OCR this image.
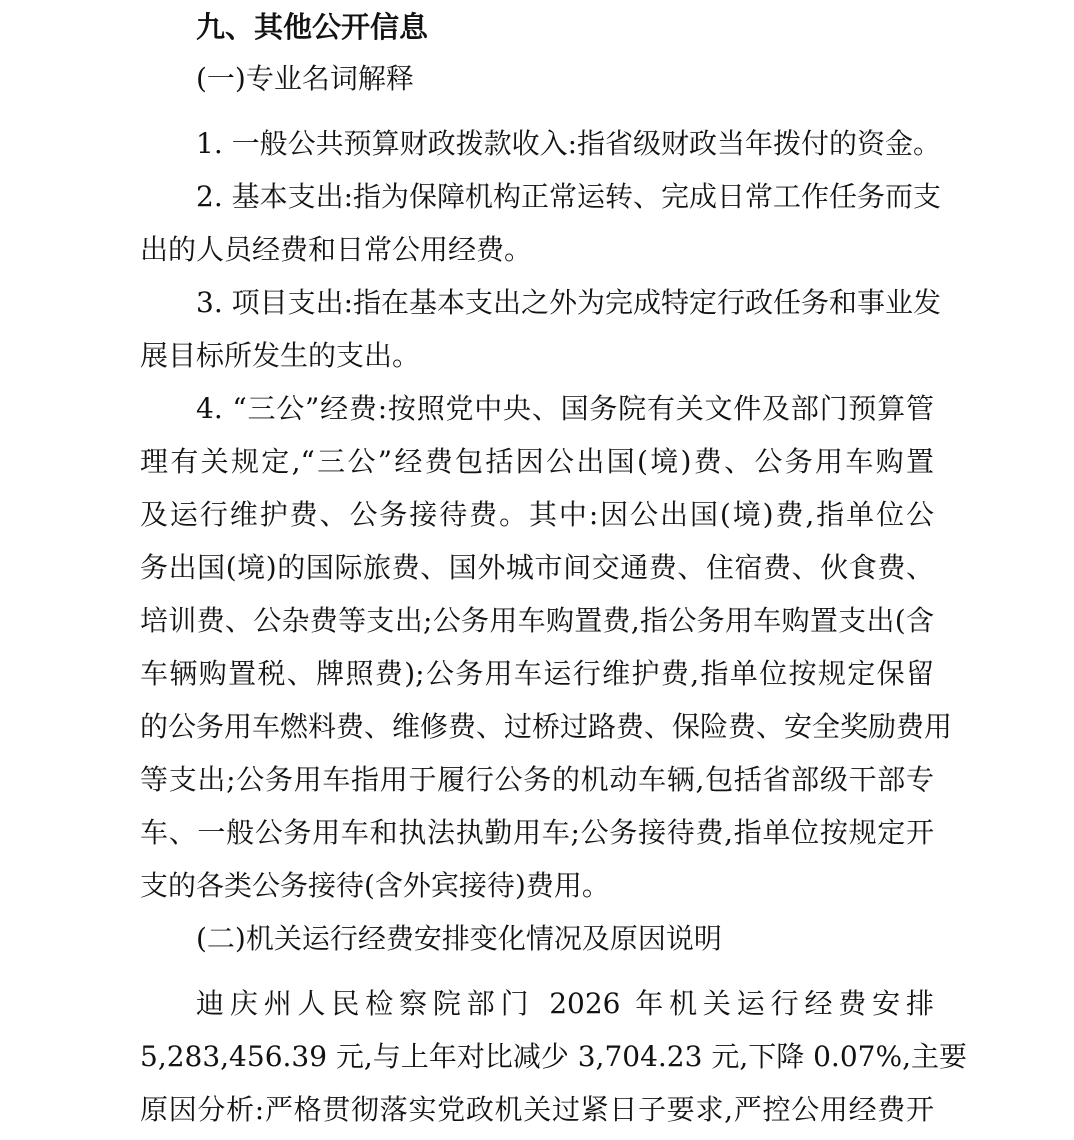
九、其他公开信息
(一)专业名词解释
1. 一般公共预算财政拨款收入:指省级财政当年拨付的资金。
2. 基本支出:指为保障机构正常运转、完成日常工作任务而支
出的人员经费和日常公用经费。
3. 项目支出:指在基本支出之外为完成特定行政任务和事业发
展目标所发生的支出。
4. “三公”经费:按照党中央、国务院有关文件及部门预算管
理有关规定,“三公”经费包括因公出国(境)费、公务用车购置
及运行维护费、公务接待费。其中:因公出国(境)费,指单位公
务出国(境)的国际旅费、国外城市间交通费、住宿费、伙食费、
培训费、公杂费等支出;公务用车购置费,指公务用车购置支出(含
车辆购置税、牌照费);公务用车运行维护费,指单位按规定保留
的公务用车燃料费、维修费、过桥过路费、保险费、安全奖励费用
等支出;公务用车指用于履行公务的机动车辆,包括省部级干部专
车、一般公务用车和执法执勤用车;公务接待费,指单位按规定开
支的各类公务接待(含外宾接待)费用。
(二)机关运行经费安排变化情况及原因说明
迪庆州人民检察院部门 2026 年机关运行经费安排
5,283,456.39 元,与上年对比减少 3,704.23 元,下降 0.07%,主要
原因分析:严格贯彻落实党政机关过紧日子要求,严控公用经费开
